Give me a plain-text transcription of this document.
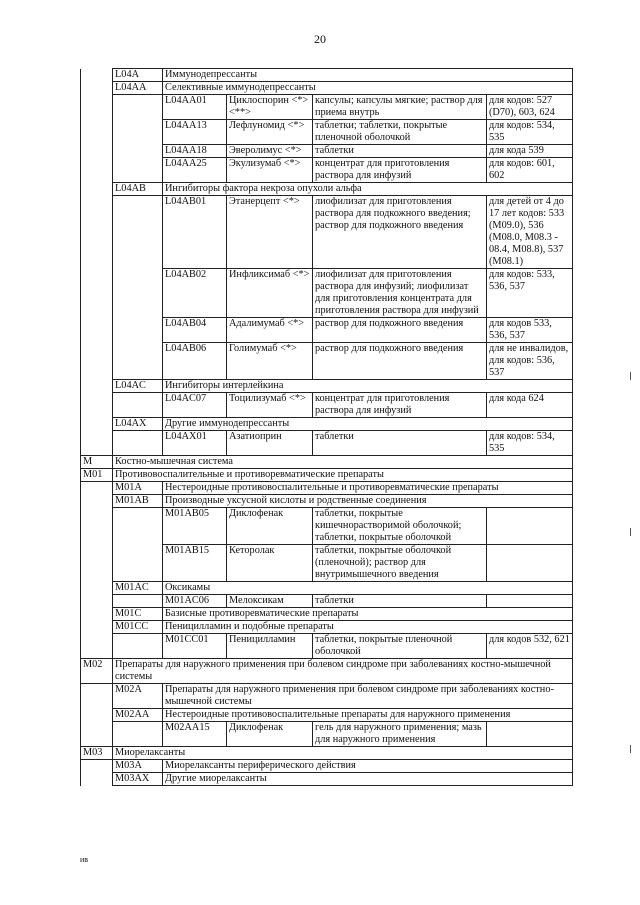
20
	L04A	Иммунодепрессанты			
	L04AA	Селективные иммунодепрессанты			
		L04AA01	Циклоспорин <*> <**>	капсулы; капсулы мягкие; раствор для приема внутрь	для кодов: 527 (D70), 603, 624
		L04AA13	Лефлуномид <*>	таблетки; таблетки, покрытые пленочной оболочкой	для кодов: 534, 535
		L04AA18	Эверолимус <*>	таблетки	для кода 539
		L04AA25	Экулизумаб <*>	концентрат для приготовления раствора для инфузий	для кодов: 601, 602
	L04AB	Ингибиторы фактора некроза опухоли альфа			
		L04AB01	Этанерцепт <*>	лиофилизат для приготовления раствора для подкожного введения; раствор для подкожного введения	для детей от 4 до 17 лет кодов: 533 (M09.0), 536 (M08.0, M08.3 - 08.4, M08.8), 537 (M08.1)
		L04AB02	Инфликсимаб <*>	лиофилизат для приготовления раствора для инфузий; лиофилизат для приготовления концентрата для приготовления раствора для инфузий	для кодов: 533, 536, 537
		L04AB04	Адалимумаб <*>	раствор для подкожного введения	для кодов 533, 536, 537
		L04AB06	Голимумаб <*>	раствор для подкожного введения	для не инвалидов, для кодов: 536, 537
	L04AC	Ингибиторы интерлейкина			
		L04AC07	Тоцилизумаб <*>	концентрат для приготовления раствора для инфузий	для кода 624
	L04AX	Другие иммунодепрессанты			
		L04AX01	Азатиоприн	таблетки	для кодов: 534, 535
M	Костно-мышечная система				
M01	Противовоспалительные и противоревматические препараты				
	M01A	Нестероидные противовоспалительные и противоревматические препараты			
	M01AB	Производные уксусной кислоты и родственные соединения			
		M01AB05	Диклофенак	таблетки, покрытые кишечнорастворимой оболочкой; таблетки, покрытые оболочкой	
		M01AB15	Кеторолак	таблетки, покрытые оболочкой (пленочной); раствор для внутримышечного введения	
	M01AC	Оксикамы			
		M01AC06	Мелоксикам	таблетки	
	M01C	Базисные противоревматические препараты			
	M01CC	Пеницилламин и подобные препараты			
		M01CC01	Пеницилламин	таблетки, покрытые пленочной оболочкой	для кодов 532, 621
M02	Препараты для наружного применения при болевом синдроме при заболеваниях костно-мышечной системы				
	M02A	Препараты для наружного применения при болевом синдроме при заболеваниях костно-мышечной системы			
	M02AA	Нестероидные противовоспалительные препараты для наружного применения			
		M02AA15	Диклофенак	гель для наружного применения; мазь для наружного применения	
M03	Миорелаксанты				
	M03A	Миорелаксанты периферического действия			
	M03AX	Другие миорелаксанты			
ив
